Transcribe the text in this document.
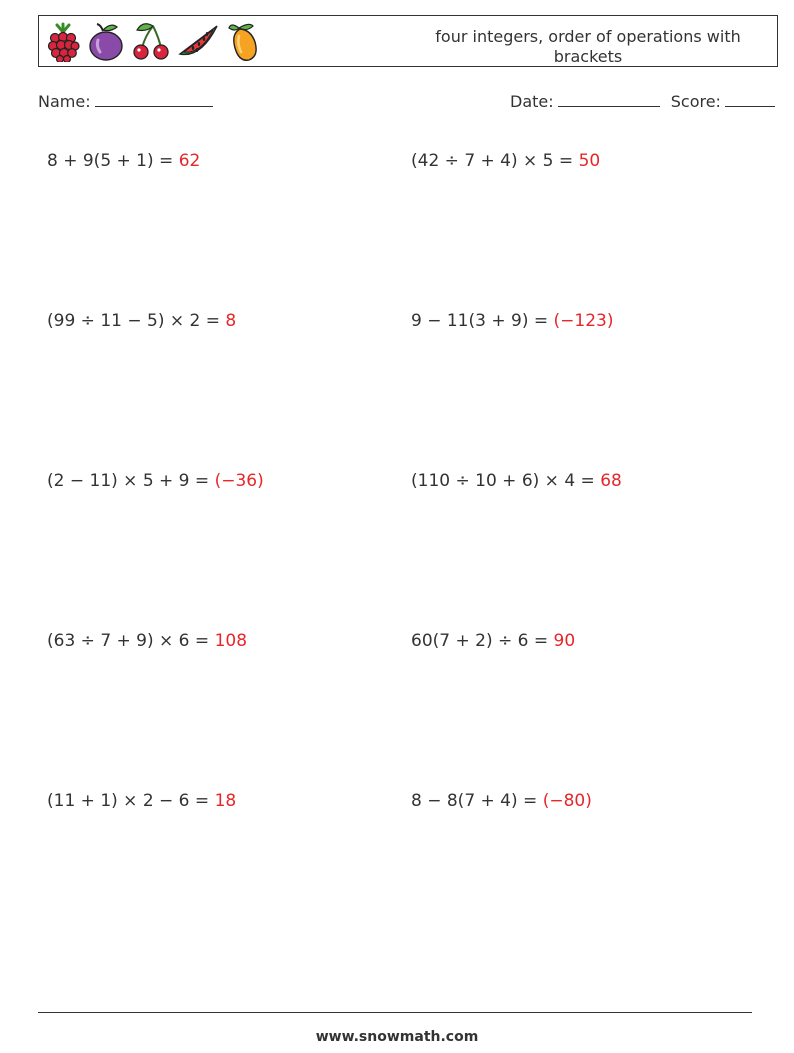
four integers, order of operations with brackets
Name:	Date:	Score:
8 + 9(5 + 1) = 62	(42 ÷ 7 + 4) × 5 = 50
(99 ÷ 11 − 5) × 2 = 8	9 − 11(3 + 9) = (−123)
(2 − 11) × 5 + 9 = (−36)	(110 ÷ 10 + 6) × 4 = 68
(63 ÷ 7 + 9) × 6 = 108	60(7 + 2) ÷ 6 = 90
(11 + 1) × 2 − 6 = 18	8 − 8(7 + 4) = (−80)
www.snowmath.com
